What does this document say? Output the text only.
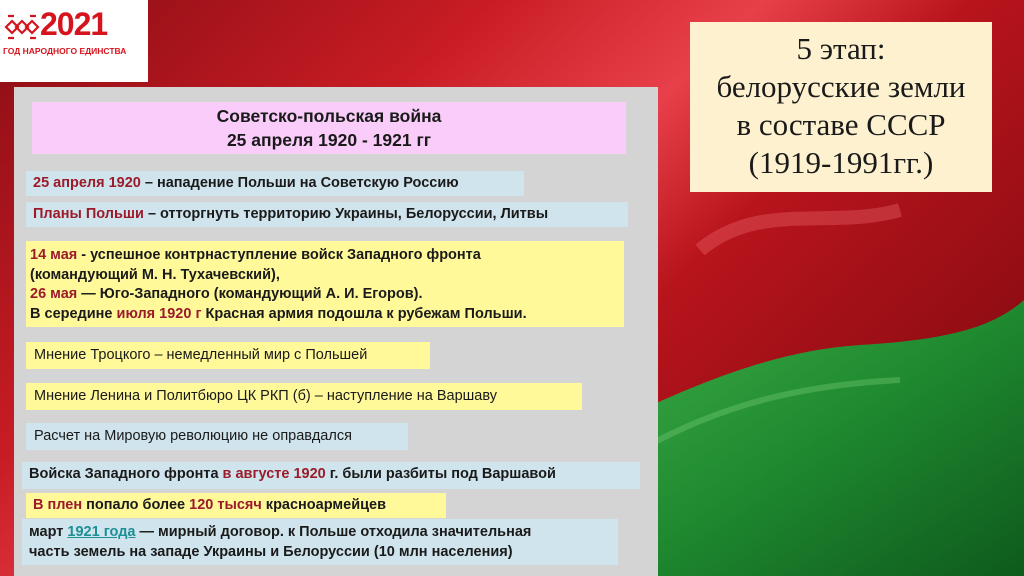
2021
ГОД НАРОДНОГО ЕДИНСТВА	5 этап:
белорусские земли
в составе СССР
(1919-1991гг.)
Советско-польская война
25 апреля 1920 - 1921 гг
25 апреля 1920 – нападение Польши на Советскую Россию
Планы Польши – отторгнуть территорию Украины, Белоруссии, Литвы
14 мая - успешное контрнаступление войск Западного фронта
(командующий М. Н. Тухачевский),
26 мая — Юго-Западного (командующий А. И. Егоров).
В середине июля 1920 г Красная армия подошла к рубежам Польши.
Мнение Троцкого – немедленный мир с Польшей
Мнение Ленина и Политбюро ЦК РКП (б) – наступление на Варшаву
Расчет на Мировую революцию не оправдался
Войска Западного фронта в августе 1920 г. были разбиты под Варшавой
В плен попало более 120 тысяч красноармейцев
март 1921 года — мирный договор. к Польше отходила значительная
часть земель на западе Украины и Белоруссии (10 млн населения)
